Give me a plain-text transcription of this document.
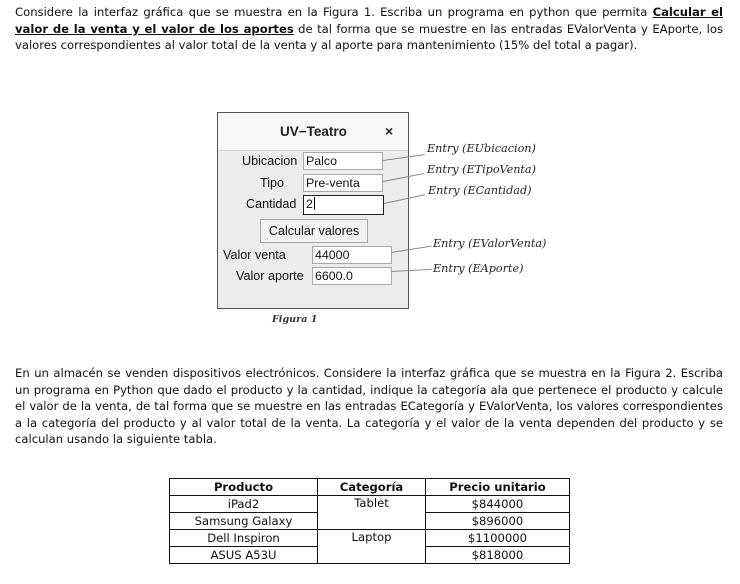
Considere la interfaz gráfica que se muestra en la Figura 1. Escriba un programa en python que permita Calcular el valor de la venta y el valor de los aportes de tal forma que se muestre en las entradas EValorVenta y EAporte, los valores correspondientes al valor total de la venta y al aporte para mantenimiento (15% del total a pagar).
UV−Teatro	×
Ubicacion Palco
Tipo Pre-venta
Cantidad 2
Calcular valores
Valor venta 44000
Valor aporte 6600.0
Entry (EUbicacion)
Entry (ETipoVenta)
Entry (ECantidad)
Entry (EValorVenta)
Entry (EAporte)
Figura 1
En un almacén se venden dispositivos electrónicos. Considere la interfaz gráfica que se muestra en la Figura 2. Escriba un programa en Python que dado el producto y la cantidad, indique la categoría ala que pertenece el producto y calcule el valor de la venta, de tal forma que se muestre en las entradas ECategoría y EValorVenta, los valores correspondientes a la categoría del producto y al valor total de la venta. La categoría y el valor de la venta dependen del producto y se calculan usando la siguiente tabla.
Producto	Categoría	Precio unitario
iPad2	Tablet	$844000
Samsung Galaxy		$896000
Dell Inspiron	Laptop	$1100000
ASUS A53U		$818000
